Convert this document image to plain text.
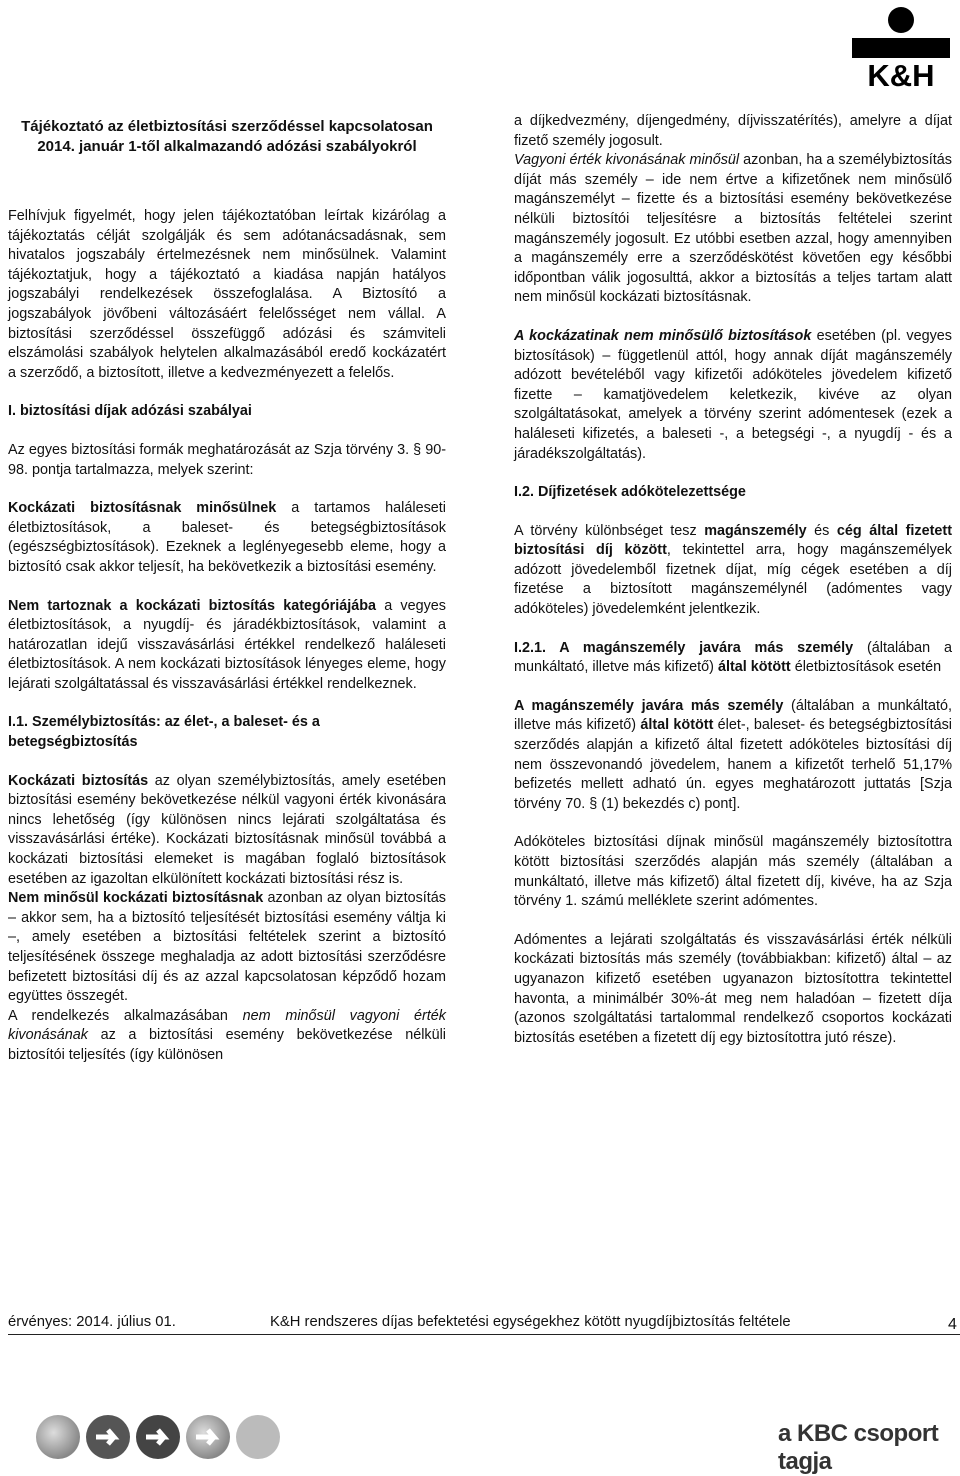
K&H
Tájékoztató az életbiztosítási szerződéssel kapcsolatosan 2014. január 1-től alkalmazandó adózási szabályokról

Felhívjuk figyelmét, hogy jelen tájékoztatóban leírtak kizárólag a tájékoztatás célját szolgálják és sem adótanácsadásnak, sem hivatalos jogszabály értelmezésnek nem minősülnek. Valamint tájékoztatjuk, hogy a tájékoztató a kiadása napján hatályos jogszabályi rendelkezések összefoglalása. A Biztosító a jogszabályok jövőbeni változásáért felelősséget nem vállal. A biztosítási szerződéssel összefüggő adózási és számviteli elszámolási szabályok helytelen alkalmazásából eredő kockázatért a szerződő, a biztosított, illetve a kedvezményezett a felelős.

I. biztosítási díjak adózási szabályai

Az egyes biztosítási formák meghatározását az Szja törvény 3. § 90-98. pontja tartalmazza, melyek szerint:

Kockázati biztosításnak minősülnek a tartamos haláleseti életbiztosítások, a baleset- és betegségbiztosítások (egészségbiztosítások). Ezeknek a leglényegesebb eleme, hogy a biztosító csak akkor teljesít, ha bekövetkezik a biztosítási esemény.

Nem tartoznak a kockázati biztosítás kategóriájába a vegyes életbiztosítások, a nyugdíj- és járadékbiztosítások, valamint a határozatlan idejű visszavásárlási értékkel rendelkező haláleseti életbiztosítások. A nem kockázati biztosítások lényeges eleme, hogy lejárati szolgáltatással és visszavásárlási értékkel rendelkeznek.

I.1. Személybiztosítás: az élet-, a baleset- és a betegségbiztosítás

Kockázati biztosítás az olyan személybiztosítás, amely esetében biztosítási esemény bekövetkezése nélkül vagyoni érték kivonására nincs lehetőség (így különösen nincs lejárati szolgáltatása és visszavásárlási értéke). Kockázati biztosításnak minősül továbbá a kockázati biztosítási elemeket is magában foglaló biztosítások esetében az igazoltan elkülönített kockázati biztosítási rész is.

Nem minősül kockázati biztosításnak azonban az olyan biztosítás – akkor sem, ha a biztosító teljesítését biztosítási esemény váltja ki –, amely esetében a biztosítási feltételek szerint a biztosító teljesítésének összege meghaladja az adott biztosítási szerződésre befizetett biztosítási díj és az azzal kapcsolatosan képződő hozam együttes összegét.

A rendelkezés alkalmazásában nem minősül vagyoni érték kivonásának az a biztosítási esemény bekövetkezése nélküli biztosítói teljesítés (így különösen

a díjkedvezmény, díjengedmény, díjvisszatérítés), amelyre a díjat fizető személy jogosult.

Vagyoni érték kivonásának minősül azonban, ha a személybiztosítás díját más személy – ide nem értve a kifizetőnek nem minősülő magánszemélyt – fizette és a biztosítási esemény bekövetkezése nélküli biztosítói teljesítésre a biztosítás feltételei szerint magánszemély jogosult. Ez utóbbi esetben azzal, hogy amennyiben a magánszemély erre a szerződéskötést követően egy későbbi időpontban válik jogosulttá, akkor a biztosítás a teljes tartam alatt nem minősül kockázati biztosításnak.

A kockázatinak nem minősülő biztosítások esetében (pl. vegyes biztosítások) – függetlenül attól, hogy annak díját magánszemély adózott bevételéből vagy kifizetői adóköteles jövedelem kifizető fizette – kamatjövedelem keletkezik, kivéve az olyan szolgáltatásokat, amelyek a törvény szerint adómentesek (ezek a haláleseti kifizetés, a baleseti -, a betegségi -, a nyugdíj - és a járadékszolgáltatás).

I.2. Díjfizetések adókötelezettsége

A törvény különbséget tesz magánszemély és cég által fizetett biztosítási díj között, tekintettel arra, hogy magánszemélyek adózott jövedelemből fizetnek díjat, míg cégek esetében a díj fizetése a biztosított magánszemélynél (adómentes vagy adóköteles) jövedelemként jelentkezik.

I.2.1. A magánszemély javára más személy (általában a munkáltató, illetve más kifizető) által kötött életbiztosítások esetén

A magánszemély javára más személy (általában a munkáltató, illetve más kifizető) által kötött élet-, baleset- és betegségbiztosítási szerződés alapján a kifizető által fizetett adóköteles biztosítási díj nem összevonandó jövedelem, hanem a kifizetőt terhelő 51,17% befizetés mellett adható ún. egyes meghatározott juttatás [Szja törvény 70. § (1) bekezdés c) pont].

Adóköteles biztosítási díjnak minősül magánszemély biztosítottra kötött biztosítási szerződés alapján más személy (általában a munkáltató, illetve más kifizető) által fizetett díj, kivéve, ha az Szja törvény 1. számú melléklete szerint adómentes.

Adómentes a lejárati szolgáltatás és visszavásárlási érték nélküli kockázati biztosítás más személy (továbbiakban: kifizető) által – az ugyanazon kifizető esetében ugyanazon biztosítottra tekintettel havonta, a minimálbér 30%-át meg nem haladóan – fizetett díja (azonos szolgáltatási tartalommal rendelkező csoportos kockázati biztosítás esetében a fizetett díj egy biztosítottra jutó része).

érvényes: 2014. július 01.	K&H rendszeres díjas befektetési egységekhez kötött nyugdíjbiztosítás feltétele	4
a KBC csoport tagja
